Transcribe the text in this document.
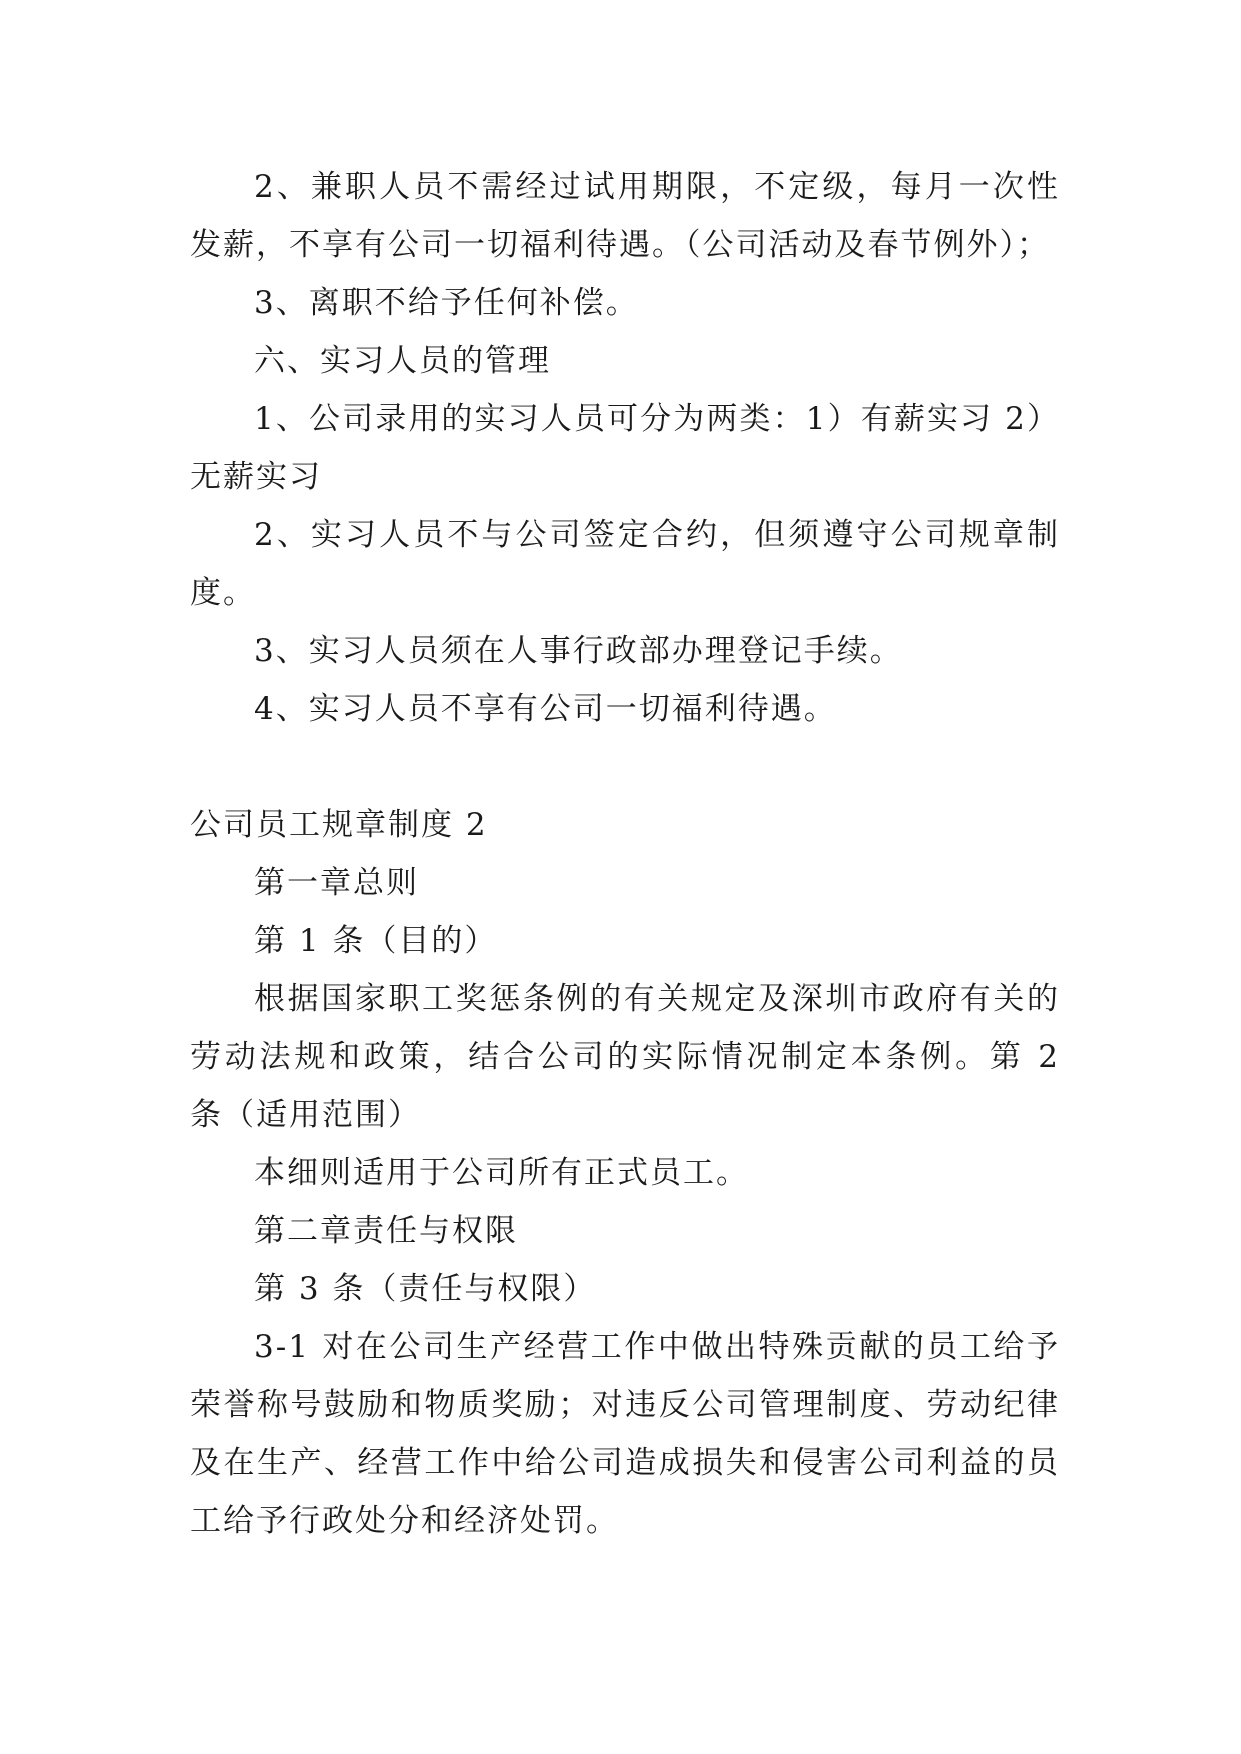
2、兼职人员不需经过试用期限，不定级，每月一次性发薪，不享有公司一切福利待遇。（公司活动及春节例外）；

3、离职不给予任何补偿。

六、实习人员的管理

1、公司录用的实习人员可分为两类：1）有薪实习 2）无薪实习

2、实习人员不与公司签定合约，但须遵守公司规章制度。

3、实习人员须在人事行政部办理登记手续。

4、实习人员不享有公司一切福利待遇。

公司员工规章制度 2

第一章总则

第 1 条（目的）

根据国家职工奖惩条例的有关规定及深圳市政府有关的劳动法规和政策，结合公司的实际情况制定本条例。第 2 条（适用范围）

本细则适用于公司所有正式员工。

第二章责任与权限

第 3 条（责任与权限）

3-1 对在公司生产经营工作中做出特殊贡献的员工给予荣誉称号鼓励和物质奖励；对违反公司管理制度、劳动纪律及在生产、经营工作中给公司造成损失和侵害公司利益的员工给予行政处分和经济处罚。
